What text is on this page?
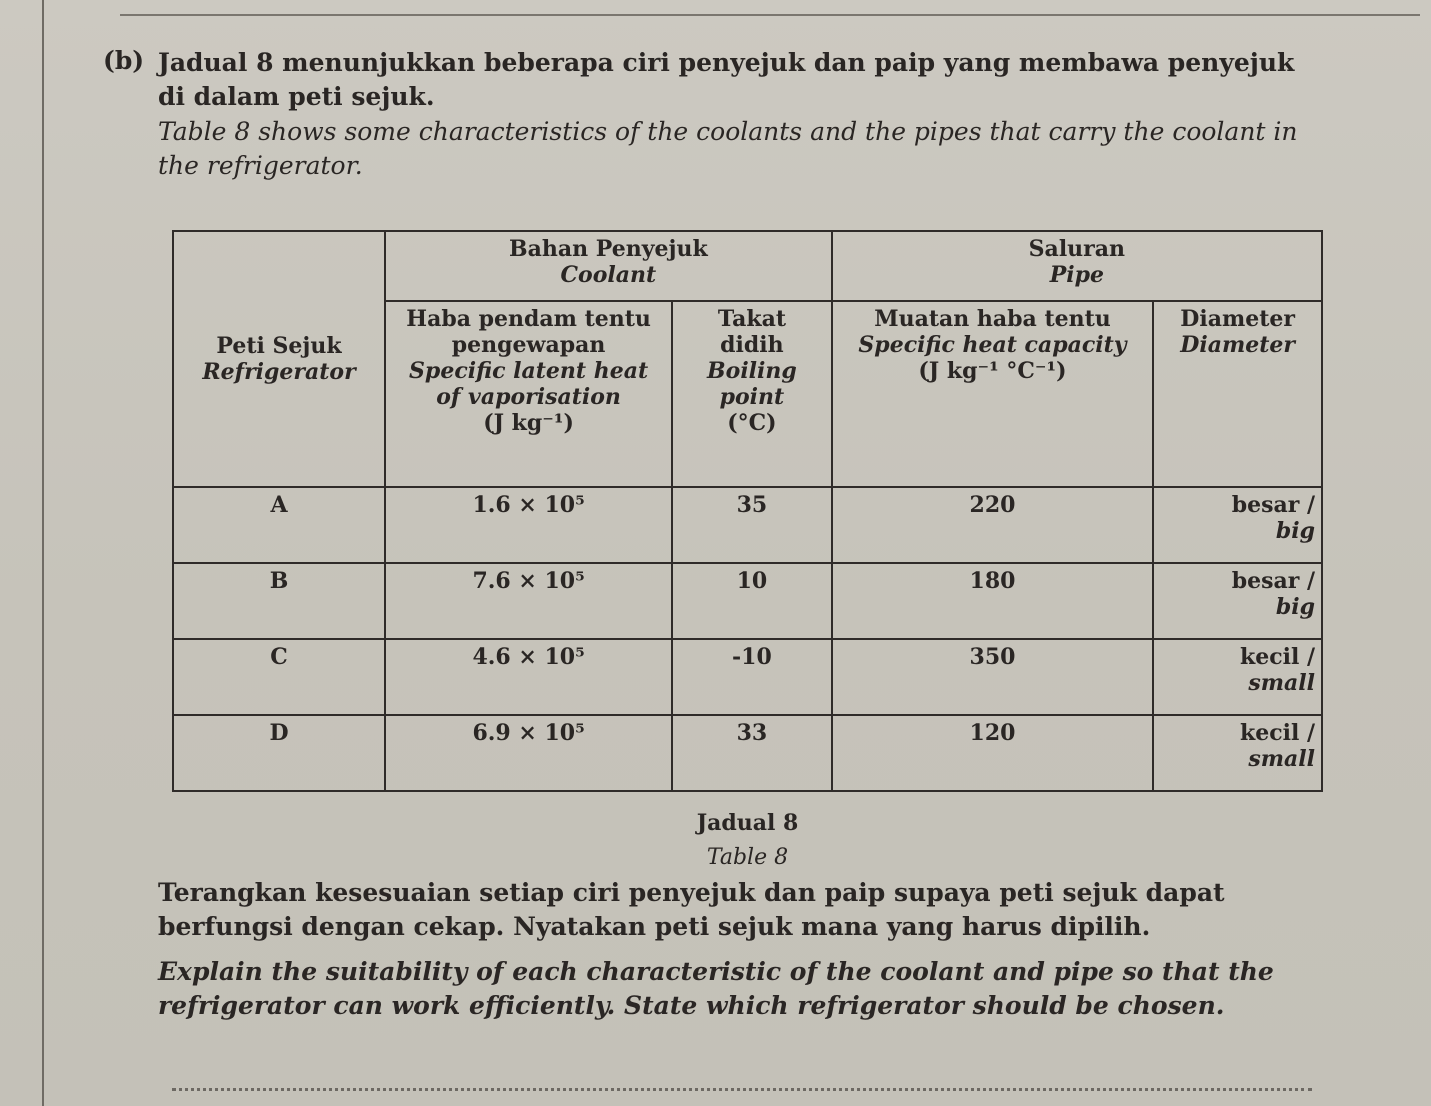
(b) Jadual 8 menunjukkan beberapa ciri penyejuk dan paip yang membawa penyejuk di dalam peti sejuk.
Table 8 shows some characteristics of the coolants and the pipes that carry the coolant in the refrigerator.
Peti Sejuk
Refrigerator	Bahan Penyejuk
Coolant		Saluran
Pipe	

	Haba pendam tentu
pengewapan
Specific latent heat
of vaporisation
(J kg⁻¹)	Takat
didih
Boiling
point
(°C)	Muatan haba tentu
Specific heat capacity
(J kg⁻¹ °C⁻¹)	Diameter
Diameter

A	1.6 × 10⁵	35	220	besar /
big

B	7.6 × 10⁵	10	180	besar /
big

C	4.6 × 10⁵	-10	350	kecil /
small

D	6.9 × 10⁵	33	120	kecil /
small
Jadual 8
Table 8
Terangkan kesesuaian setiap ciri penyejuk dan paip supaya peti sejuk dapat berfungsi dengan cekap. Nyatakan peti sejuk mana yang harus dipilih.
Explain the suitability of each characteristic of the coolant and pipe so that the refrigerator can work efficiently. State which refrigerator should be chosen.
